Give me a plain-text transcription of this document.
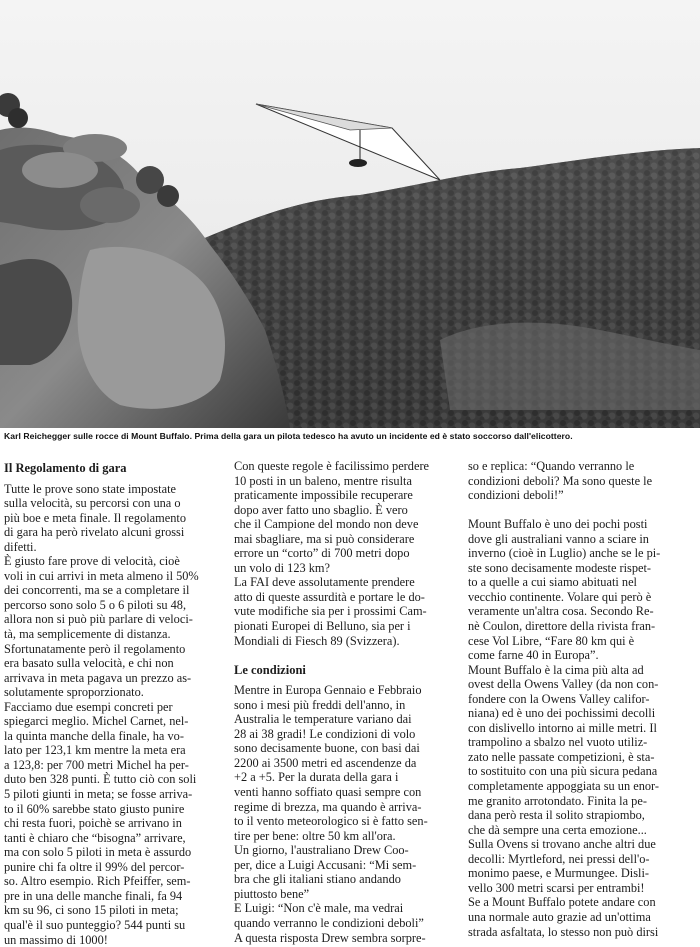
Karl Reichegger sulle rocce di Mount Buffalo. Prima della gara un pilota tedesco ha avuto un incidente ed è stato soccorso dall'elicottero.
Il Regolamento di gara

Tutte le prove sono state impostate

sulla velocità, su percorsi con una o

più boe e meta finale. Il regolamento

di gara ha però rivelato alcuni grossi

difetti.

È giusto fare prove di velocità, cioè

voli in cui arrivi in meta almeno il 50%

dei concorrenti, ma se a completare il

percorso sono solo 5 o 6 piloti su 48,

allora non si può più parlare di veloci-

tà, ma semplicemente di distanza.

Sfortunatamente però il regolamento

era basato sulla velocità, e chi non

arrivava in meta pagava un prezzo as-

solutamente sproporzionato.

Facciamo due esempi concreti per

spiegarci meglio. Michel Carnet, nel-

la quinta manche della finale, ha vo-

lato per 123,1 km mentre la meta era

a 123,8: per 700 metri Michel ha per-

duto ben 328 punti. È tutto ciò con soli

5 piloti giunti in meta; se fosse arriva-

to il 60% sarebbe stato giusto punire

chi resta fuori, poichè se arrivano in

tanti è chiaro che “bisogna” arrivare,

ma con solo 5 piloti in meta è assurdo

punire chi fa oltre il 99% del percor-

so. Altro esempio. Rich Pfeiffer, sem-

pre in una delle manche finali, fa 94

km su 96, ci sono 15 piloti in meta;

qual'è il suo punteggio? 544 punti su

un massimo di 1000!

Con queste regole è facilissimo perdere

10 posti in un baleno, mentre risulta

praticamente impossibile recuperare

dopo aver fatto uno sbaglio. È vero

che il Campione del mondo non deve

mai sbagliare, ma si può considerare

errore un “corto” di 700 metri dopo

un volo di 123 km?

La FAI deve assolutamente prendere

atto di queste assurdità e portare le do-

vute modifiche sia per i prossimi Cam-

pionati Europei di Belluno, sia per i

Mondiali di Fiesch 89 (Svizzera).

Le condizioni

Mentre in Europa Gennaio e Febbraio

sono i mesi più freddi dell'anno, in

Australia le temperature variano dai

28 ai 38 gradi! Le condizioni di volo

sono decisamente buone, con basi dai

2200 ai 3500 metri ed ascendenze da

+2 a +5. Per la durata della gara i

venti hanno soffiato quasi sempre con

regime di brezza, ma quando è arriva-

to il vento meteorologico si è fatto sen-

tire per bene: oltre 50 km all'ora.

Un giorno, l'australiano Drew Coo-

per, dice a Luigi Accusani: “Mi sem-

bra che gli italiani stiano andando

piuttosto bene”

E Luigi: “Non c'è male, ma vedrai

quando verranno le condizioni deboli”

A questa risposta Drew sembra sorpre-

so e replica: “Quando verranno le

condizioni deboli? Ma sono queste le

condizioni deboli!”

Mount Buffalo è uno dei pochi posti

dove gli australiani vanno a sciare in

inverno (cioè in Luglio) anche se le pi-

ste sono decisamente modeste rispet-

to a quelle a cui siamo abituati nel

vecchio continente. Volare qui però è

veramente un'altra cosa. Secondo Re-

nè Coulon, direttore della rivista fran-

cese Vol Libre, “Fare 80 km qui è

come farne 40 in Europa”.

Mount Buffalo è la cima più alta ad

ovest della Owens Valley (da non con-

fondere con la Owens Valley califor-

niana) ed è uno dei pochissimi decolli

con dislivello intorno ai mille metri. Il

trampolino a sbalzo nel vuoto utiliz-

zato nelle passate competizioni, è sta-

to sostituito con una più sicura pedana

completamente appoggiata su un enor-

me granito arrotondato. Finita la pe-

dana però resta il solito strapiombo,

che dà sempre una certa emozione...

Sulla Ovens si trovano anche altri due

decolli: Myrtleford, nei pressi dell'o-

monimo paese, e Murmungee. Disli-

vello 300 metri scarsi per entrambi!

Se a Mount Buffalo potete andare con

una normale auto grazie ad un'ottima

strada asfaltata, lo stesso non può dirsi
